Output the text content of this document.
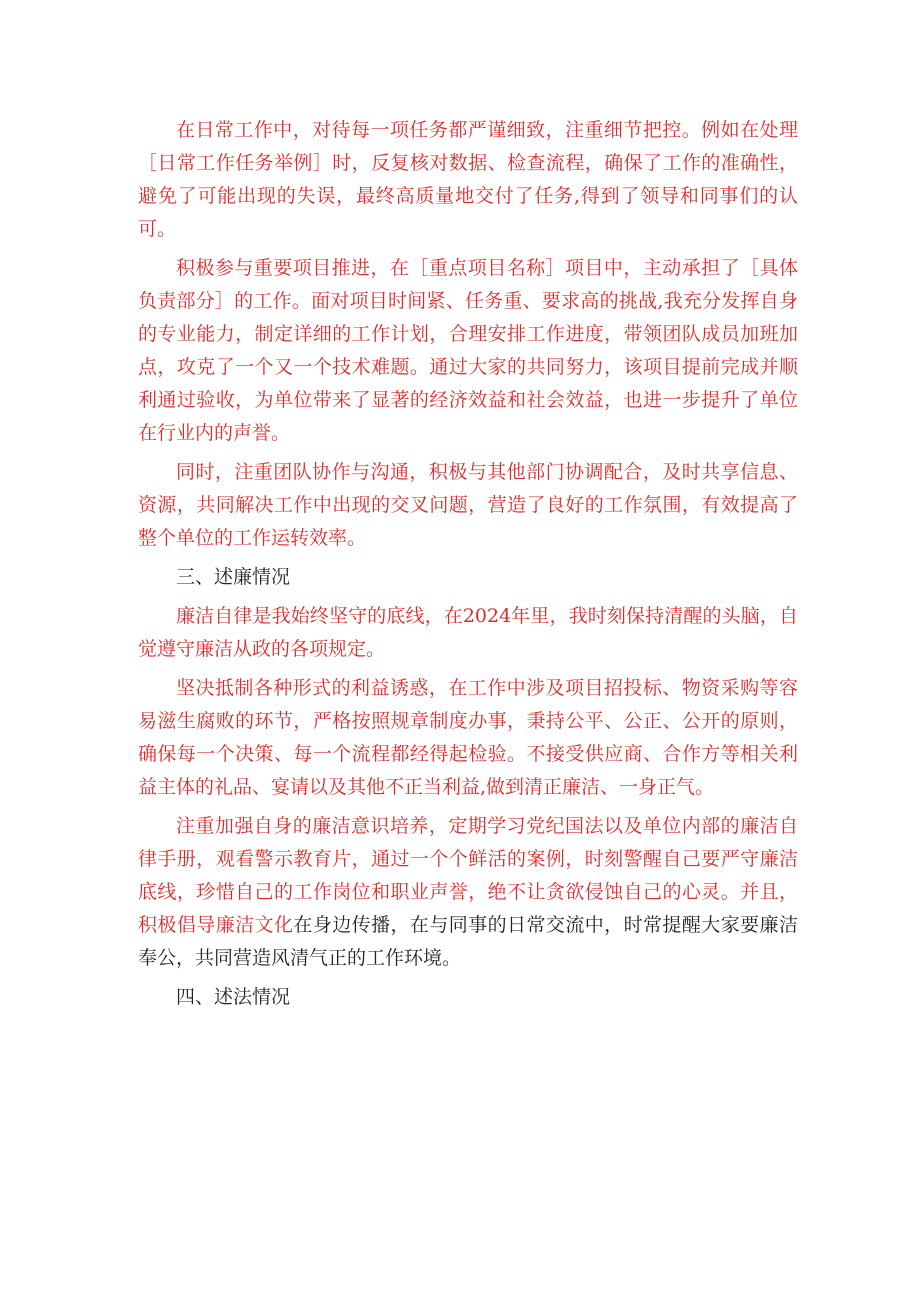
在日常工作中，对待每一项任务都严谨细致，注重细节把控。例如在处理［日常工作任务举例］时，反复核对数据、检查流程，确保了工作的准确性，避免了可能出现的失误，最终高质量地交付了任务,得到了领导和同事们的认可。

积极参与重要项目推进，在［重点项目名称］项目中，主动承担了［具体负责部分］的工作。面对项目时间紧、任务重、要求高的挑战,我充分发挥自身的专业能力，制定详细的工作计划，合理安排工作进度，带领团队成员加班加点，攻克了一个又一个技术难题。通过大家的共同努力，该项目提前完成并顺利通过验收，为单位带来了显著的经济效益和社会效益，也进一步提升了单位在行业内的声誉。

同时，注重团队协作与沟通，积极与其他部门协调配合，及时共享信息、资源，共同解决工作中出现的交叉问题，营造了良好的工作氛围，有效提高了整个单位的工作运转效率。

三、述廉情况

廉洁自律是我始终坚守的底线，在2024年里，我时刻保持清醒的头脑，自觉遵守廉洁从政的各项规定。

坚决抵制各种形式的利益诱惑，在工作中涉及项目招投标、物资采购等容易滋生腐败的环节，严格按照规章制度办事，秉持公平、公正、公开的原则，确保每一个决策、每一个流程都经得起检验。不接受供应商、合作方等相关利益主体的礼品、宴请以及其他不正当利益,做到清正廉洁、一身正气。

注重加强自身的廉洁意识培养，定期学习党纪国法以及单位内部的廉洁自律手册，观看警示教育片，通过一个个鲜活的案例，时刻警醒自己要严守廉洁底线，珍惜自己的工作岗位和职业声誉，绝不让贪欲侵蚀自己的心灵。并且，积极倡导廉洁文化在身边传播，在与同事的日常交流中，时常提醒大家要廉洁奉公，共同营造风清气正的工作环境。

四、述法情况
